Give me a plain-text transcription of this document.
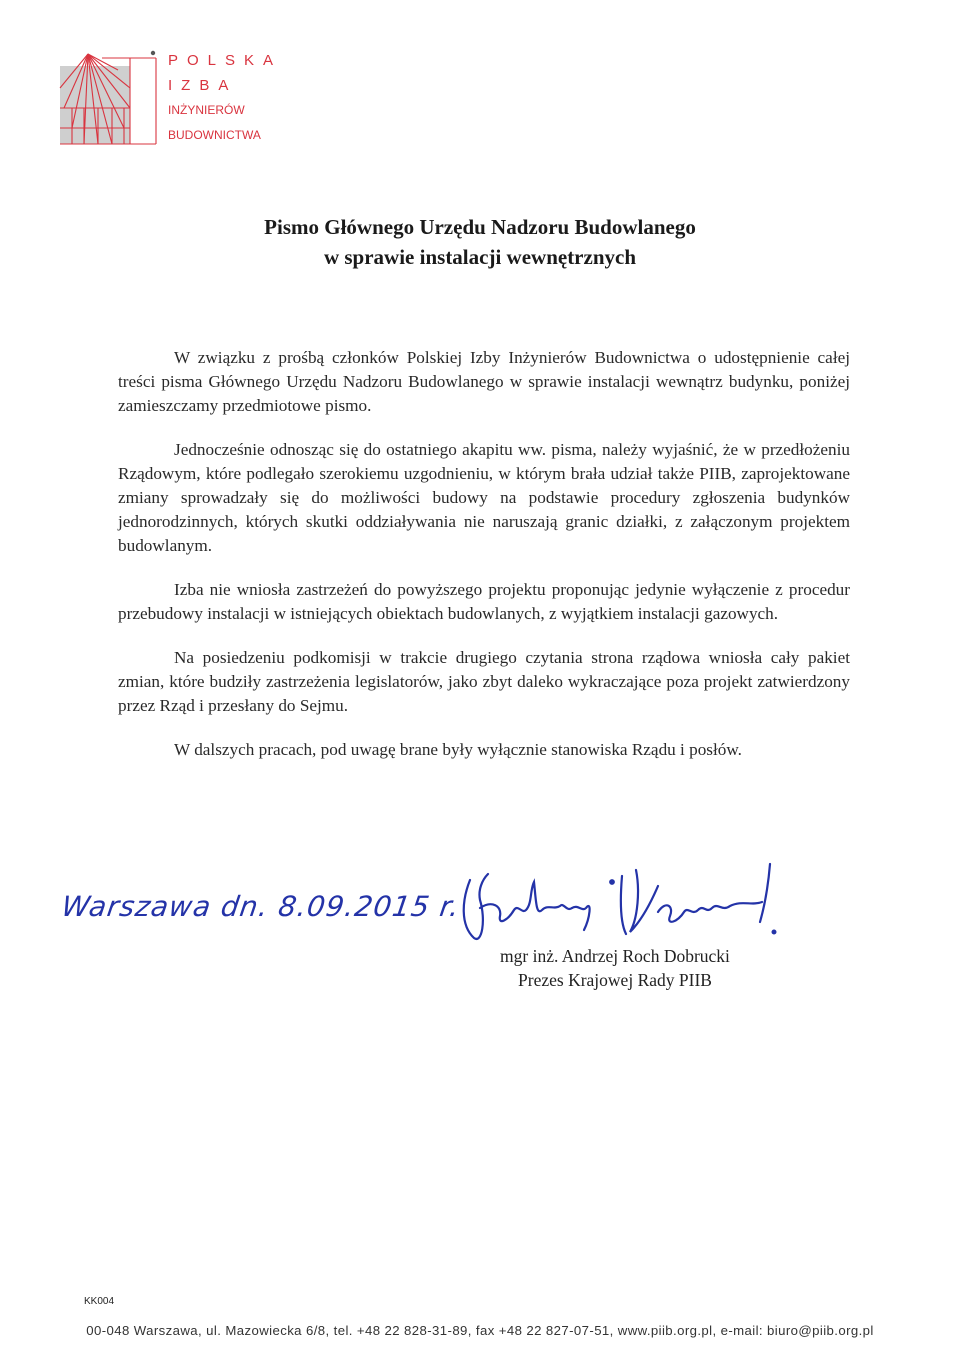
POLSKA
IZBA
INŻYNIERÓW
BUDOWNICTWA
Pismo Głównego Urzędu Nadzoru Budowlanego
w sprawie instalacji wewnętrznych

W związku z prośbą członków Polskiej Izby Inżynierów Budownictwa o udostępnienie całej treści pisma Głównego Urzędu Nadzoru Budowlanego w sprawie instalacji wewnątrz budynku, poniżej zamieszczamy przedmiotowe pismo.

Jednocześnie odnosząc się do ostatniego akapitu ww. pisma, należy wyjaśnić, że w przedłożeniu Rządowym, które podlegało szerokiemu uzgodnieniu, w którym brała udział także PIIB, zaprojektowane zmiany sprowadzały się do możliwości budowy na podstawie procedury zgłoszenia budynków jednorodzinnych, których skutki oddziaływania nie naruszają granic działki, z załączonym projektem budowlanym.

Izba nie wniosła zastrzeżeń do powyższego projektu proponując jedynie wyłączenie z procedur przebudowy instalacji w istniejących obiektach budowlanych, z wyjątkiem instalacji gazowych.

Na posiedzeniu podkomisji w trakcie drugiego czytania strona rządowa wniosła cały pakiet zmian, które budziły zastrzeżenia legislatorów, jako zbyt daleko wykraczające poza projekt zatwierdzony przez Rząd i przesłany do Sejmu.

W dalszych pracach, pod uwagę brane były wyłącznie stanowiska Rządu i posłów.

Warszawa dn. 8.09.2015 r.
mgr inż. Andrzej Roch Dobrucki
Prezes Krajowej Rady PIIB
KK004
00-048 Warszawa, ul. Mazowiecka 6/8, tel. +48 22 828-31-89, fax +48 22 827-07-51, www.piib.org.pl, e-mail: biuro@piib.org.pl
